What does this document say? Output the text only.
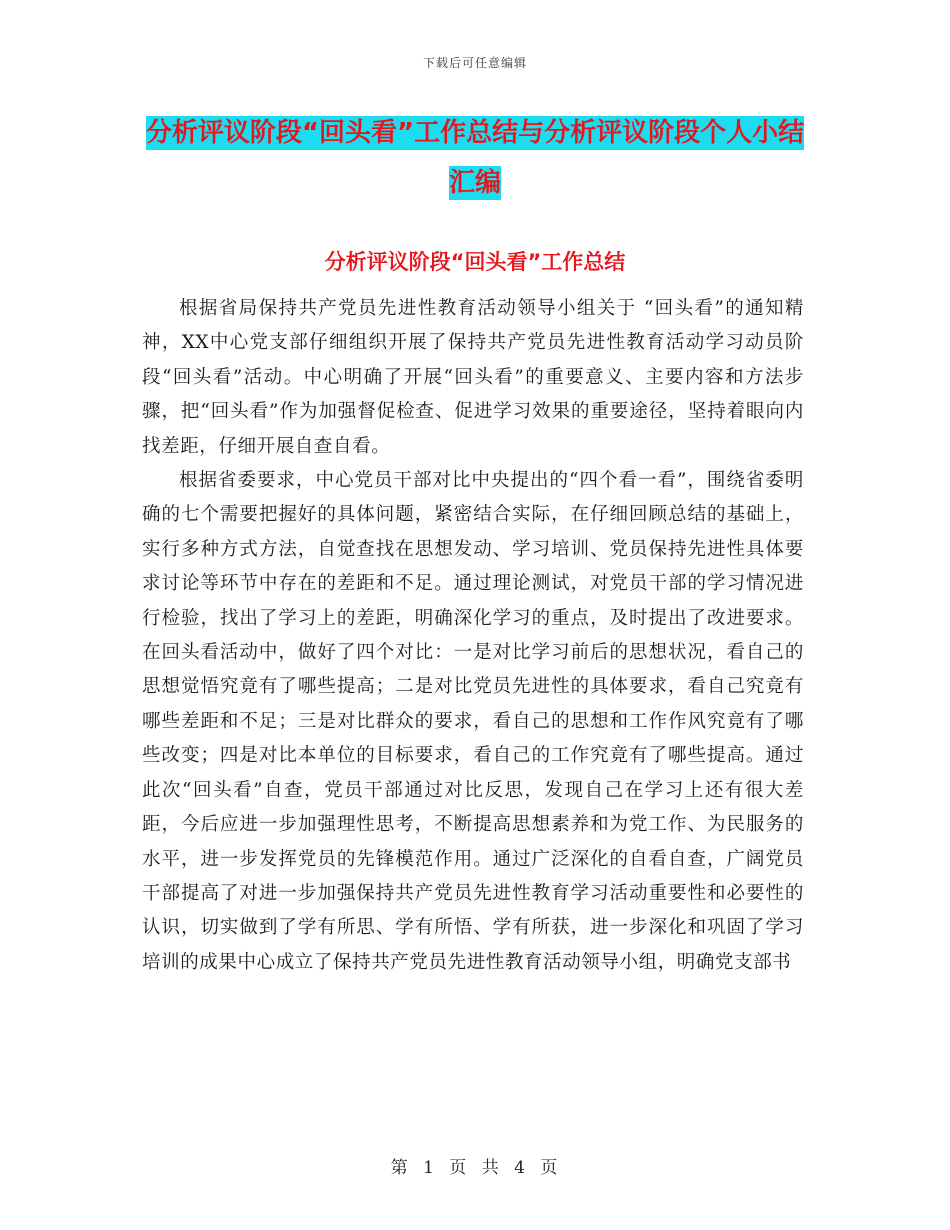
下载后可任意编辑
分析评议阶段“回头看”工作总结与分析评议阶段个人小结汇编
分析评议阶段“回头看”工作总结

根据省局保持共产党员先进性教育活动领导小组关于 “回头看”的通知精神，XX中心党支部仔细组织开展了保持共产党员先进性教育活动学习动员阶段“回头看”活动。中心明确了开展“回头看”的重要意义、主要内容和方法步骤，把“回头看”作为加强督促检查、促进学习效果的重要途径，坚持着眼向内找差距，仔细开展自查自看。

根据省委要求，中心党员干部对比中央提出的“四个看一看”，围绕省委明确的七个需要把握好的具体问题，紧密结合实际，在仔细回顾总结的基础上，实行多种方式方法，自觉查找在思想发动、学习培训、党员保持先进性具体要求讨论等环节中存在的差距和不足。通过理论测试，对党员干部的学习情况进行检验，找出了学习上的差距，明确深化学习的重点，及时提出了改进要求。在回头看活动中，做好了四个对比：一是对比学习前后的思想状况，看自己的思想觉悟究竟有了哪些提高；二是对比党员先进性的具体要求，看自己究竟有哪些差距和不足；三是对比群众的要求，看自己的思想和工作作风究竟有了哪些改变；四是对比本单位的目标要求，看自己的工作究竟有了哪些提高。通过此次“回头看”自查，党员干部通过对比反思，发现自己在学习上还有很大差距，今后应进一步加强理性思考，不断提高思想素养和为党工作、为民服务的水平，进一步发挥党员的先锋模范作用。通过广泛深化的自看自查，广阔党员干部提高了对进一步加强保持共产党员先进性教育学习活动重要性和必要性的认识，切实做到了学有所思、学有所悟、学有所获，进一步深化和巩固了学习培训的成果中心成立了保持共产党员先进性教育活动领导小组，明确党支部书

第 1 页 共 4 页
